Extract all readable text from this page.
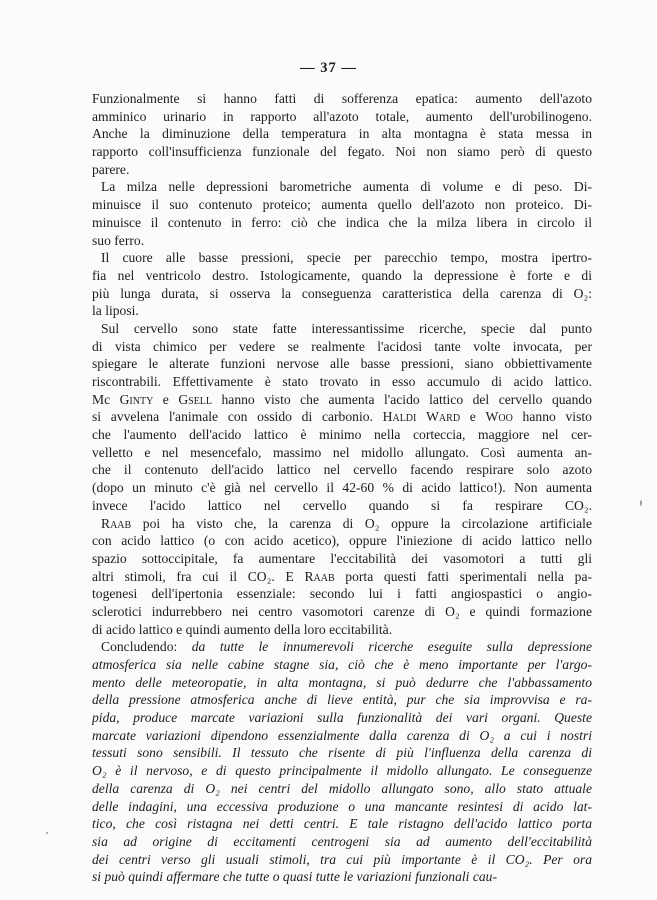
— 37 —
Funzionalmente si hanno fatti di sofferenza epatica: aumento dell'azoto
amminico urinario in rapporto all'azoto totale, aumento dell'urobilinogeno.
Anche la diminuzione della temperatura in alta montagna è stata messa in
rapporto coll'insufficienza funzionale del fegato. Noi non siamo però di questo
parere.
La milza nelle depressioni barometriche aumenta di volume e di peso. Di-
minuisce il suo contenuto proteico; aumenta quello dell'azoto non proteico. Di-
minuisce il contenuto in ferro: ciò che indica che la milza libera in circolo il
suo ferro.
Il cuore alle basse pressioni, specie per parecchio tempo, mostra ipertro-
fia nel ventricolo destro. Istologicamente, quando la depressione è forte e di
più lunga durata, si osserva la conseguenza caratteristica della carenza di O₂:
la liposi.
Sul cervello sono state fatte interessantissime ricerche, specie dal punto
di vista chimico per vedere se realmente l'acidosi tante volte invocata, per
spiegare le alterate funzioni nervose alle basse pressioni, siano obbiettivamente
riscontrabili. Effettivamente è stato trovato in esso accumulo di acido lattico.
Mc Ginty e Gsell hanno visto che aumenta l'acido lattico del cervello quando
si avvelena l'animale con ossido di carbonio. Haldi Ward e Woo hanno visto
che l'aumento dell'acido lattico è minimo nella corteccia, maggiore nel cer-
velletto e nel mesencefalo, massimo nel midollo allungato. Così aumenta an-
che il contenuto dell'acido lattico nel cervello facendo respirare solo azoto
(dopo un minuto c'è già nel cervello il 42-60 % di acido lattico!). Non aumenta
invece l'acido lattico nel cervello quando si fa respirare CO₂.
Raab poi ha visto che, la carenza di O₂ oppure la circolazione artificiale
con acido lattico (o con acido acetico), oppure l'iniezione di acido lattico nello
spazio sottoccipitale, fa aumentare l'eccitabilità dei vasomotori a tutti gli
altri stimoli, fra cui il CO₂. E Raab porta questi fatti sperimentali nella pa-
togenesi dell'ipertonia essenziale: secondo lui i fatti angiospastici o angio-
sclerotici indurrebbero nei centro vasomotori carenze di O₂ e quindi formazione
di acido lattico e quindi aumento della loro eccitabilità.
Concludendo: da tutte le innumerevoli ricerche eseguite sulla depressione
atmosferica sia nelle cabine stagne sia, ciò che è meno importante per l'argo-
mento delle meteoropatie, in alta montagna, si può dedurre che l'abbassamento
della pressione atmosferica anche di lieve entità, pur che sia improvvisa e ra-
pida, produce marcate variazioni sulla funzionalità dei vari organi. Queste
marcate variazioni dipendono essenzialmente dalla carenza di O₂ a cui i nostri
tessuti sono sensibili. Il tessuto che risente di più l'influenza della carenza di
O₂ è il nervoso, e di questo principalmente il midollo allungato. Le conseguenze
della carenza di O₂ nei centri del midollo allungato sono, allo stato attuale
delle indagini, una eccessiva produzione o una mancante resintesi di acido lat-
tico, che così ristagna nei detti centri. E tale ristagno dell'acido lattico porta
sia ad origine di eccitamenti centrogeni sia ad aumento dell'eccitabilità
dei centri verso gli usuali stimoli, tra cui più importante è il CO₂. Per ora
si può quindi affermare che tutte o quasi tutte le variazioni funzionali cau-
